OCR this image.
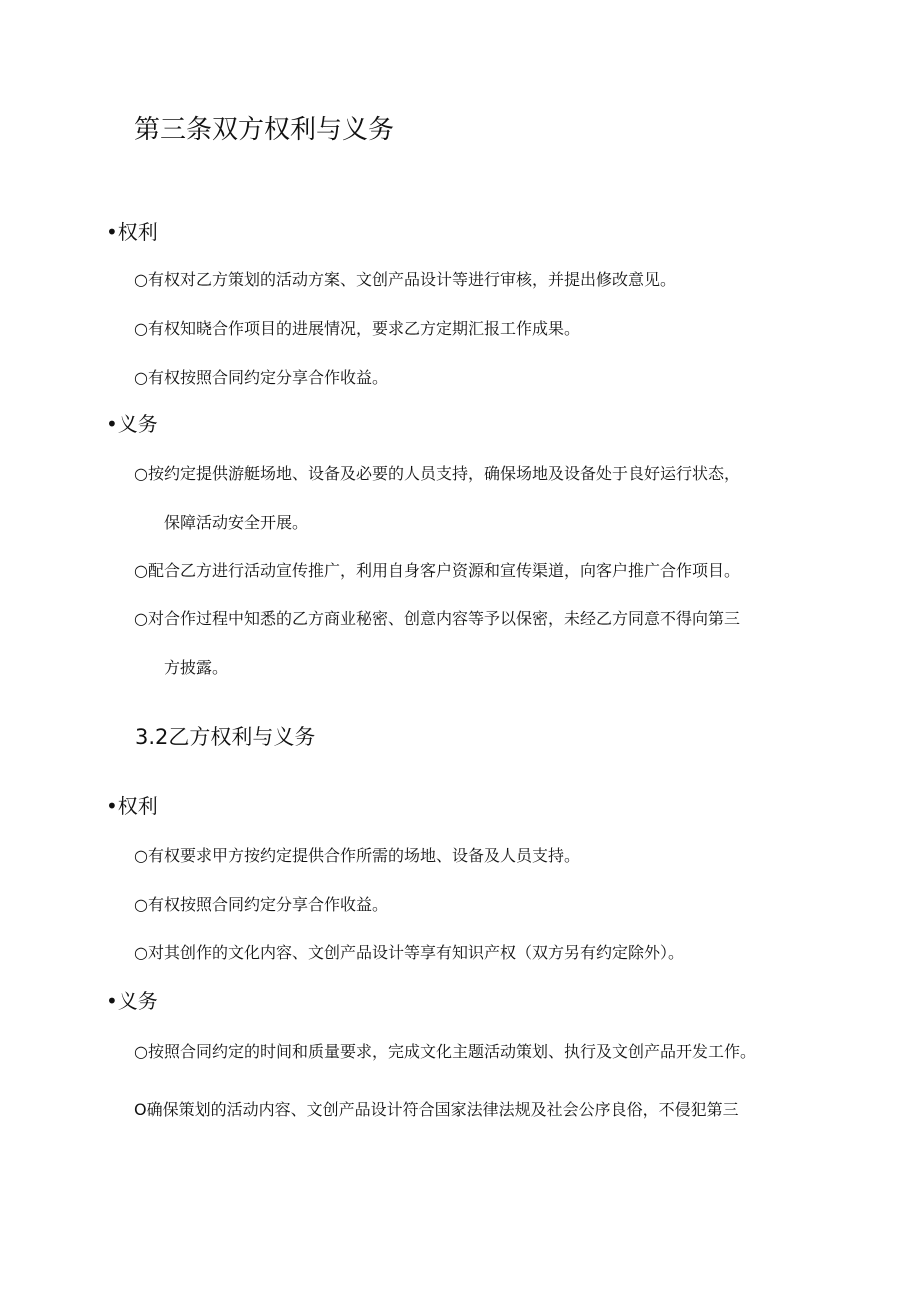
第三条双方权利与义务
•权利
○有权对乙方策划的活动方案、文创产品设计等进行审核，并提出修改意见。
○有权知晓合作项目的进展情况，要求乙方定期汇报工作成果。
○有权按照合同约定分享合作收益。
•义务
○按约定提供游艇场地、设备及必要的人员支持，确保场地及设备处于良好运行状态，
保障活动安全开展。
○配合乙方进行活动宣传推广，利用自身客户资源和宣传渠道，向客户推广合作项目。
○对合作过程中知悉的乙方商业秘密、创意内容等予以保密，未经乙方同意不得向第三
方披露。
3.2乙方权利与义务
•权利
○有权要求甲方按约定提供合作所需的场地、设备及人员支持。
○有权按照合同约定分享合作收益。
○对其创作的文化内容、文创产品设计等享有知识产权（双方另有约定除外）。
•义务
○按照合同约定的时间和质量要求，完成文化主题活动策划、执行及文创产品开发工作。
O确保策划的活动内容、文创产品设计符合国家法律法规及社会公序良俗，不侵犯第三
